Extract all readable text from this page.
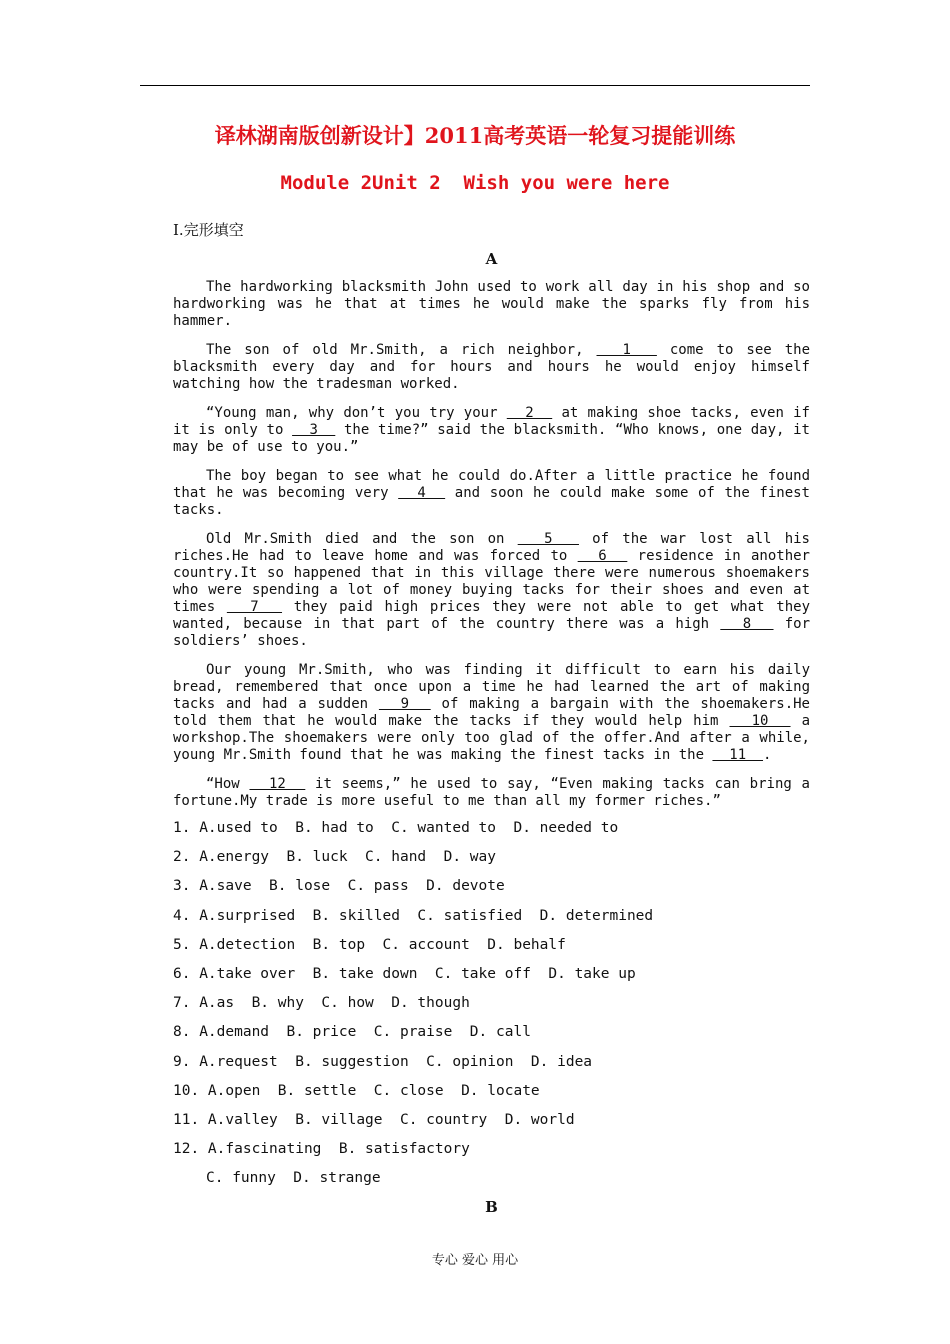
译林湖南版创新设计】2011高考英语一轮复习提能训练
Module 2Unit 2  Wish you were here
Ⅰ.完形填空
A

The hardworking blacksmith John used to work all day in his shop and so hardworking was he that at times he would make the sparks fly from his hammer.

The son of old Mr.Smith, a rich neighbor,   1   come to see the blacksmith every day and for hours and hours he would enjoy himself watching how the tradesman worked.

“Young man, why don’t you try your   2   at making shoe tacks, even if it is only to   3   the time?” said the blacksmith. “Who knows, one day, it may be of use to you.”

The boy began to see what he could do.After a little practice he found that he was becoming very   4   and soon he could make some of the finest tacks.

Old Mr.Smith died and the son on   5   of the war lost all his riches.He had to leave home and was forced to   6   residence in another country.It so happened that in this village there were numerous shoemakers who were spending a lot of money buying tacks for their shoes and even at times   7   they paid high prices they were not able to get what they wanted, because in that part of the country there was a high   8   for soldiers’ shoes.

Our young Mr.Smith, who was finding it difficult to earn his daily bread, remembered that once upon a time he had learned the art of making tacks and had a sudden   9   of making a bargain with the shoemakers.He told them that he would make the tacks if they would help him   10   a workshop.The shoemakers were only too glad of the offer.And after a while, young Mr.Smith found that he was making the finest tacks in the   11  .

“How   12   it seems,” he used to say, “Even making tacks can bring a fortune.My trade is more useful to me than all my former riches.”

1. A.used to  B. had to  C. wanted to  D. needed to
2. A.energy  B. luck  C. hand  D. way
3. A.save  B. lose  C. pass  D. devote
4. A.surprised  B. skilled  C. satisfied  D. determined
5. A.detection  B. top  C. account  D. behalf
6. A.take over  B. take down  C. take off  D. take up
7. A.as  B. why  C. how  D. though
8. A.demand  B. price  C. praise  D. call
9. A.request  B. suggestion  C. opinion  D. idea
10. A.open  B. settle  C. close  D. locate
11. A.valley  B. village  C. country  D. world
12. A.fascinating  B. satisfactory
C. funny  D. strange
B
专心 爱心 用心
